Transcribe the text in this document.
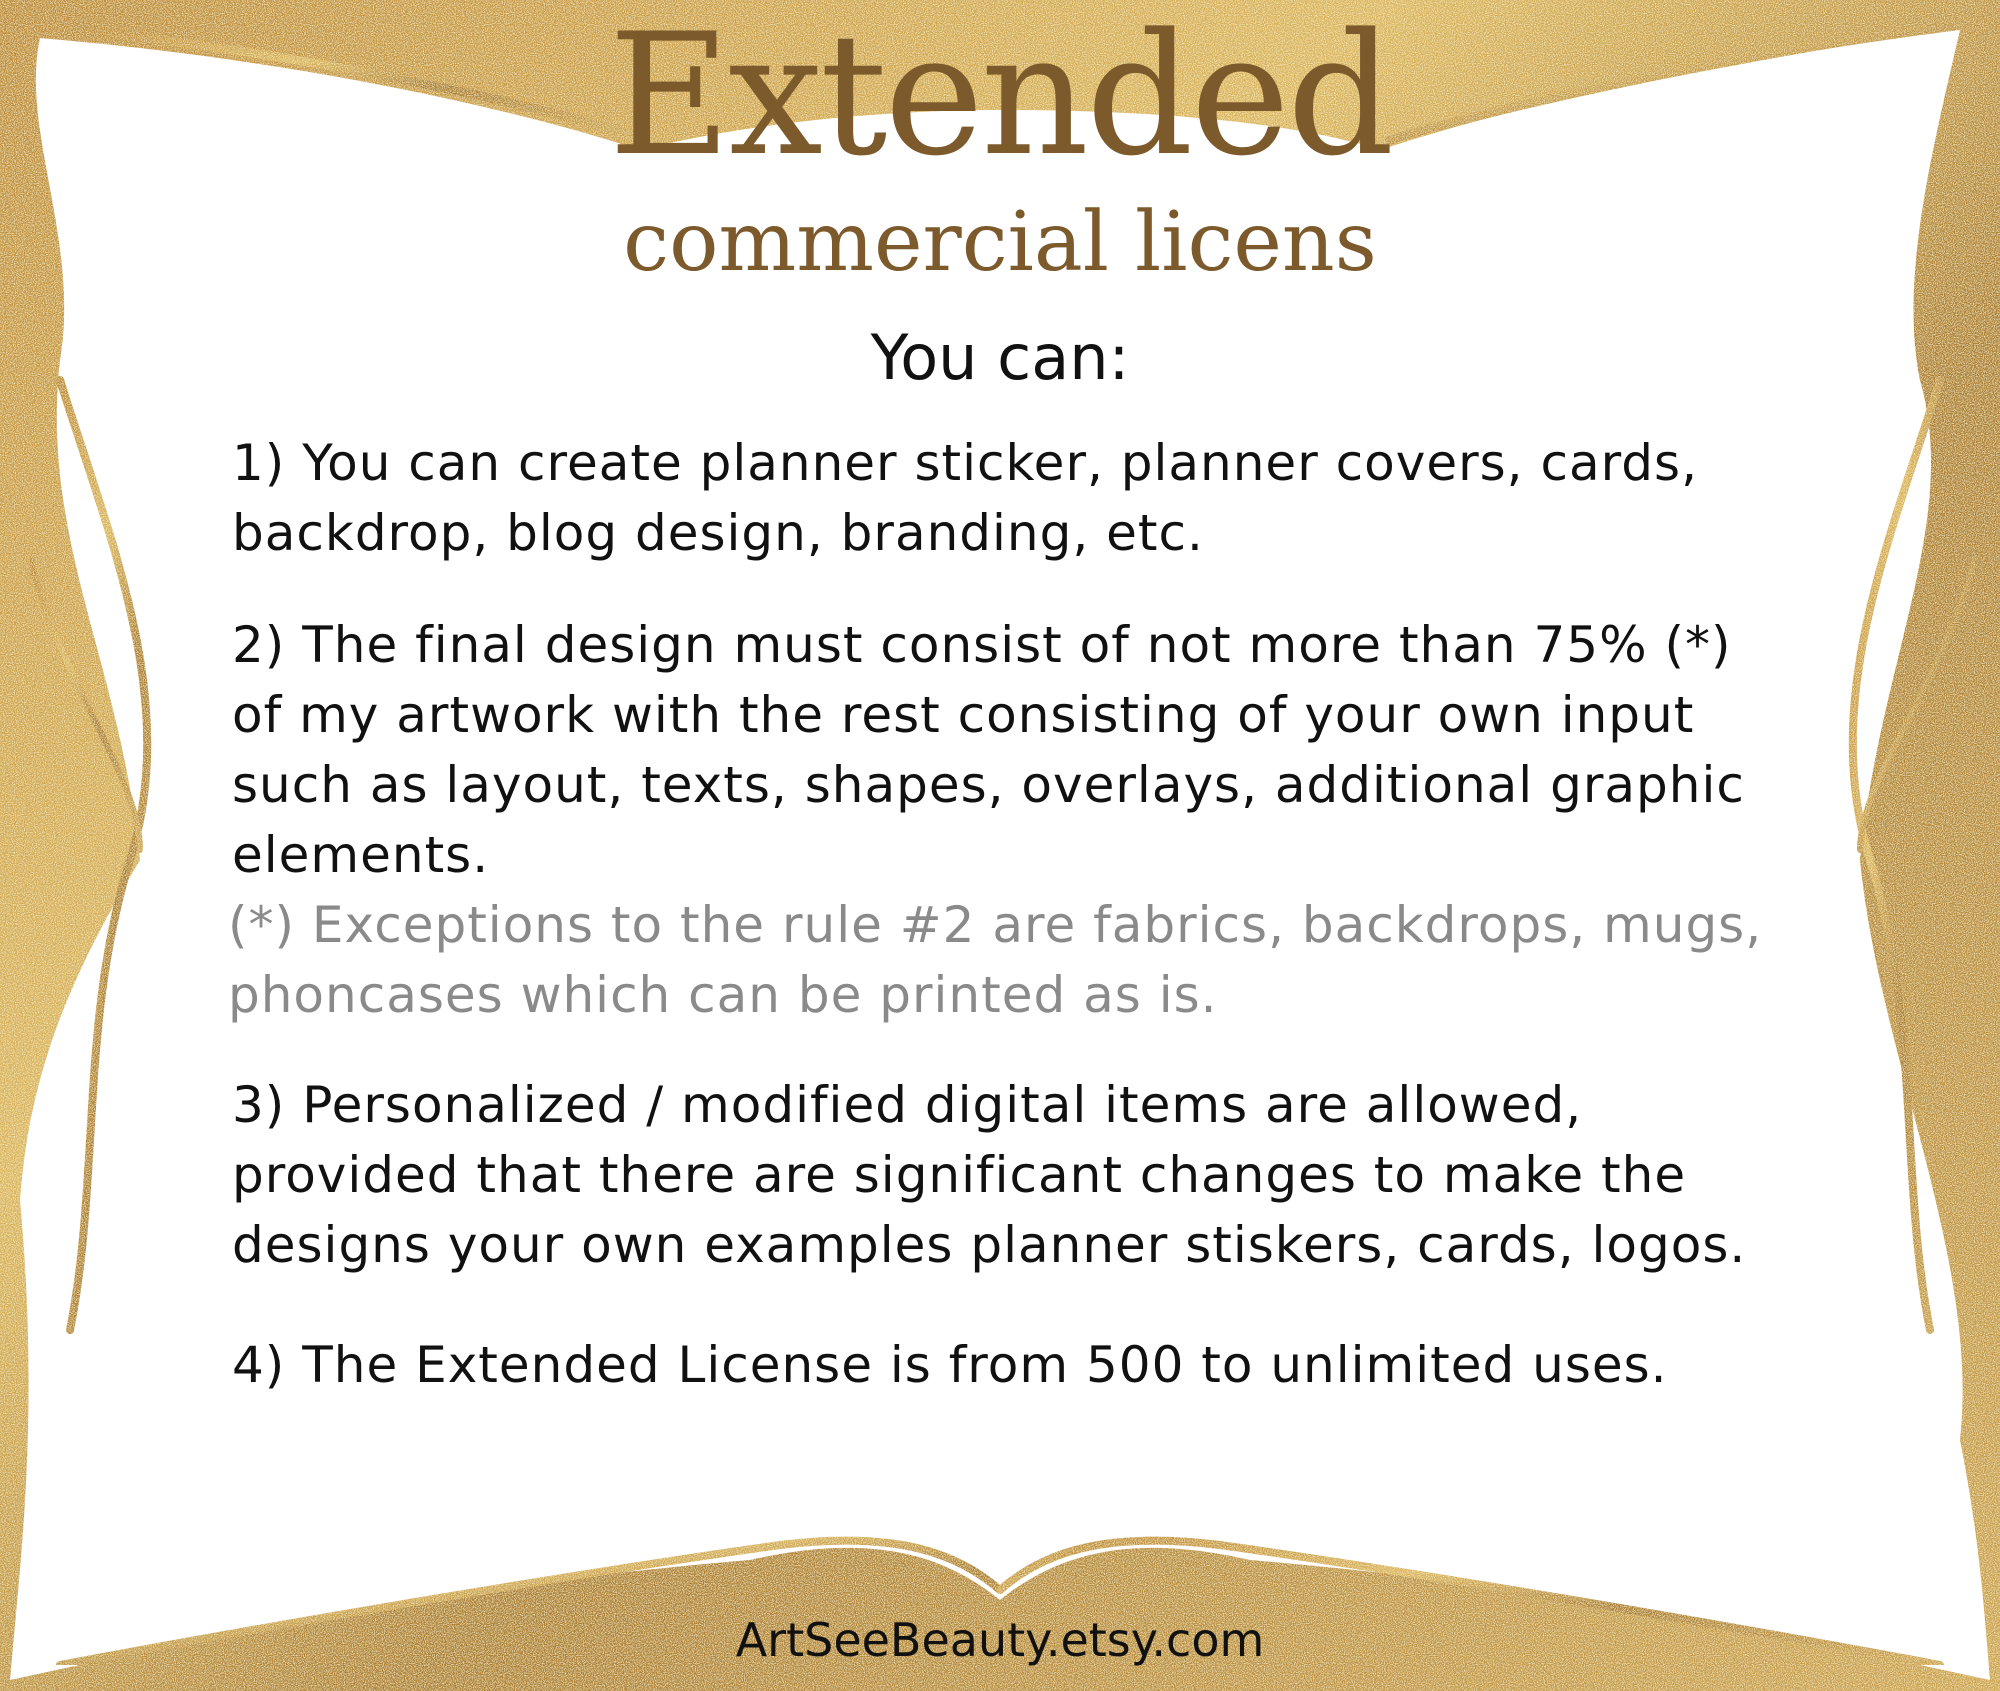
Extended
commercial licens
You can:
1) You can create planner sticker, planner covers, cards,
backdrop, blog design, branding, etc.
2) The final design must consist of not more than 75% (*)
of my artwork with the rest consisting of your own input
such as layout, texts, shapes, overlays, additional graphic
elements.
(*) Exceptions to the rule #2 are fabrics, backdrops, mugs,
phoncases which can be printed as is.
3) Personalized / modified digital items are allowed,
provided that there are significant changes to make the
designs your own examples planner stiskers, cards, logos.
4) The Extended License is from 500 to unlimited uses.
ArtSeeBeauty.etsy.com
